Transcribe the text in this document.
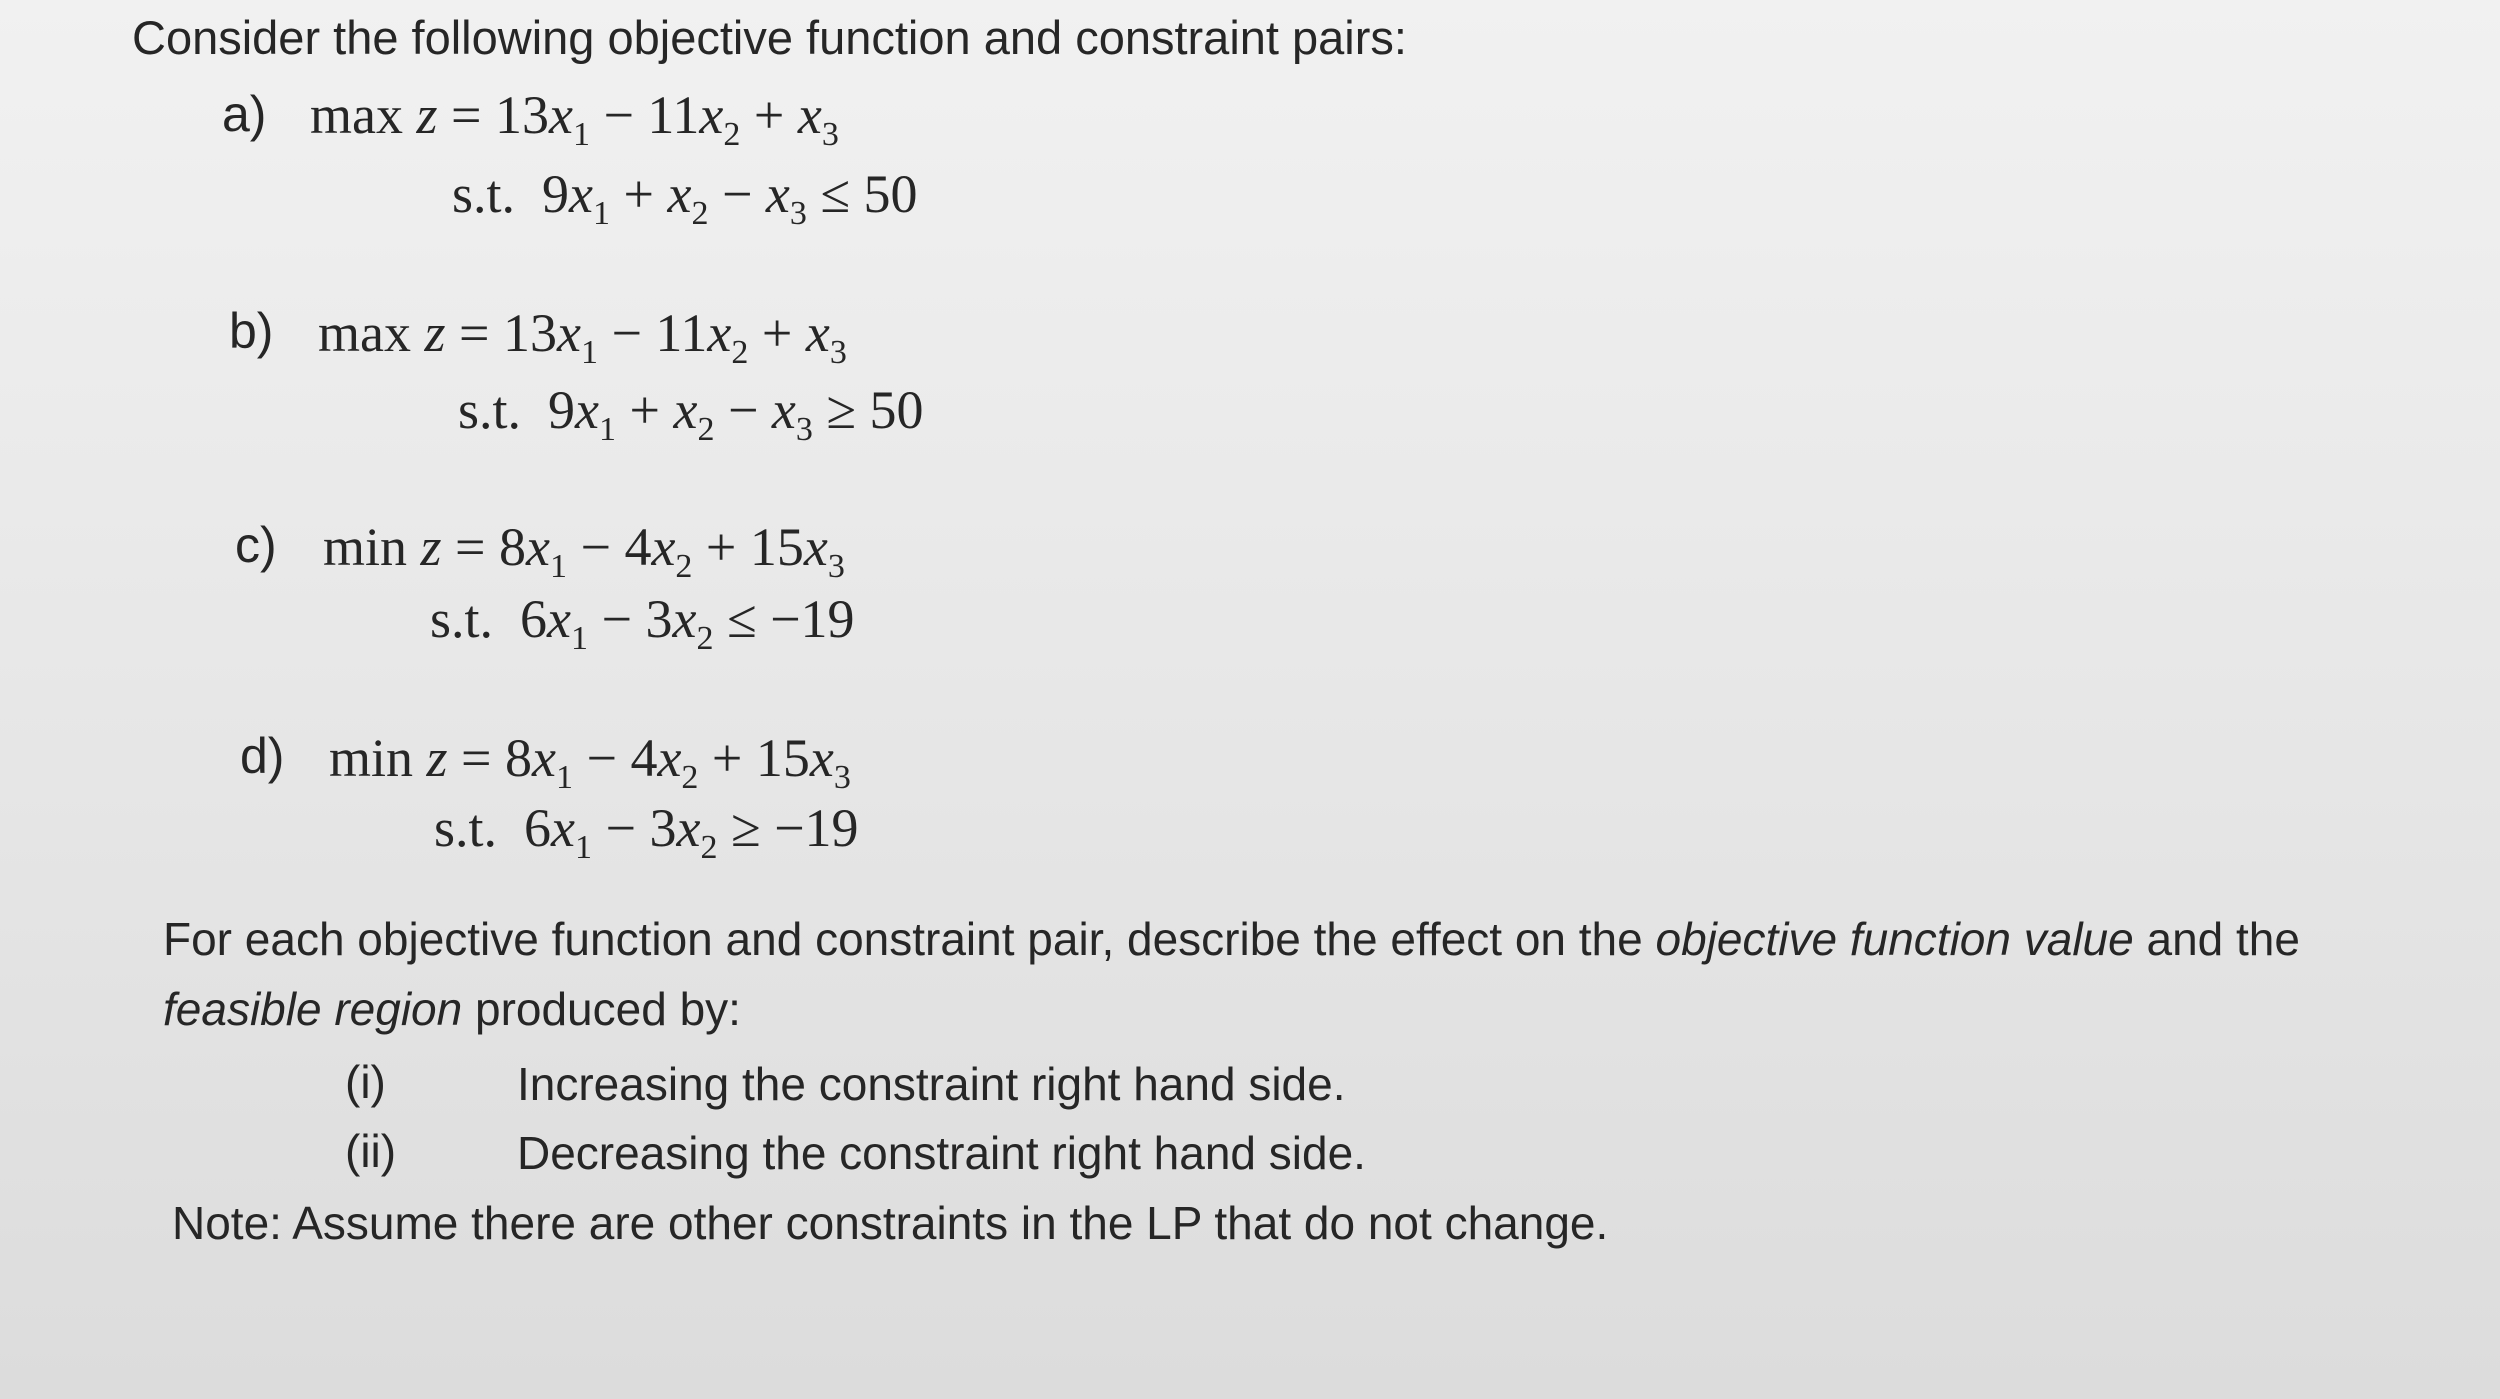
Consider the following objective function and constraint pairs:
a) $\max z = 13x_1 - 11x_2 + x_3$
s.t. $9x_1 + x_2 - x_3 \le 50$
b) $\max z = 13x_1 - 11x_2 + x_3$
s.t. $9x_1 + x_2 - x_3 \ge 50$
c) $\min z = 8x_1 - 4x_2 + 15x_3$
s.t. $6x_1 - 3x_2 \le -19$
d) $\min z = 8x_1 - 4x_2 + 15x_3$
s.t. $6x_1 - 3x_2 \ge -19$
For each objective function and constraint pair, describe the effect on the objective function value and the
feasible region produced by:
(i)	Increasing the constraint right hand side.
(ii)	Decreasing the constraint right hand side.
Note: Assume there are other constraints in the LP that do not change.
